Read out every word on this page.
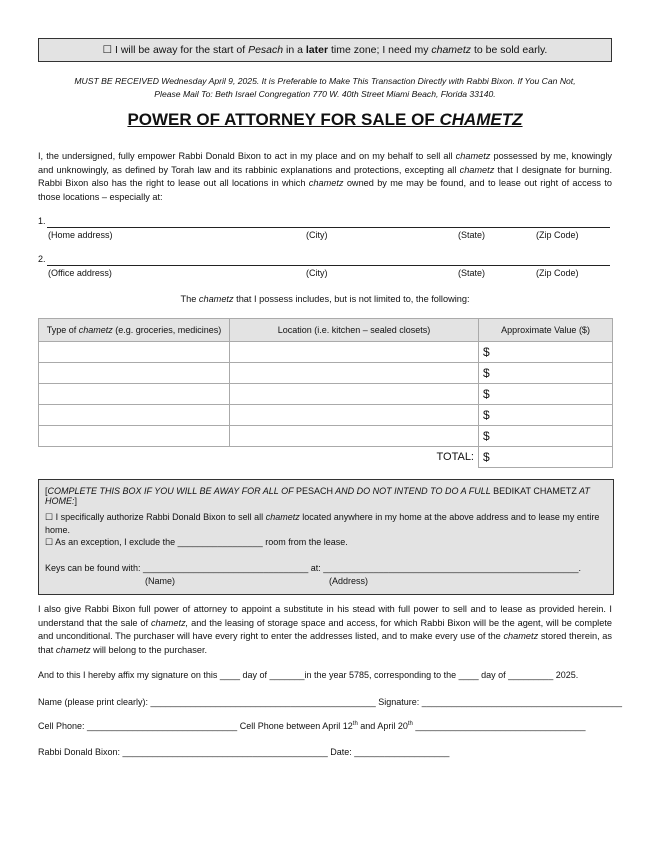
☐ I will be away for the start of Pesach in a later time zone; I need my chametz to be sold early.
MUST BE RECEIVED Wednesday April 9, 2025. It is Preferable to Make This Transaction Directly with Rabbi Bixon. If You Can Not,
Please Mail To: Beth Israel Congregation 770 W. 40th Street Miami Beach, Florida 33140.
POWER OF ATTORNEY FOR SALE OF CHAMETZ
I, the undersigned, fully empower Rabbi Donald Bixon to act in my place and on my behalf to sell all chametz possessed by me, knowingly and unknowingly, as defined by Torah law and its rabbinic explanations and protections, excepting all chametz that I designate for burning. Rabbi Bixon also has the right to lease out all locations in which chametz owned by me may be found, and to lease out right of access to those locations – especially at:
1.
(Home address)	(City)	(State)	(Zip Code)
2.
(Office address)	(City)	(State)	(Zip Code)
The chametz that I possess includes, but is not limited to, the following:
Type of chametz (e.g. groceries, medicines)	Location (i.e. kitchen – sealed closets)	Approximate Value ($)
		$
		$
		$
		$
		$
TOTAL:		$
[COMPLETE THIS BOX IF YOU WILL BE AWAY FOR ALL OF PESACH AND DO NOT INTEND TO DO A FULL BEDIKAT CHAMETZ AT HOME:]
☐ I specifically authorize Rabbi Donald Bixon to sell all chametz located anywhere in my home at the above address and to lease my entire home.
☐ As an exception, I exclude the _________________ room from the lease.
Keys can be found with: _________________________________ at: ___________________________________________________.
(Name)	(Address)
I also give Rabbi Bixon full power of attorney to appoint a substitute in his stead with full power to sell and to lease as provided herein. I understand that the sale of chametz, and the leasing of storage space and access, for which Rabbi Bixon will be the agent, will be complete and unconditional. The purchaser will have every right to enter the addresses listed, and to make every use of the chametz stored therein, as that chametz will belong to the purchaser.
And to this I hereby affix my signature on this ____ day of _______in the year 5785, corresponding to the ____ day of _________ 2025.
Name (please print clearly): _____________________________________________ Signature: ________________________________________
Cell Phone: ______________________________ Cell Phone between April 12th and April 20th __________________________________
Rabbi Donald Bixon: _________________________________________ Date: ___________________
